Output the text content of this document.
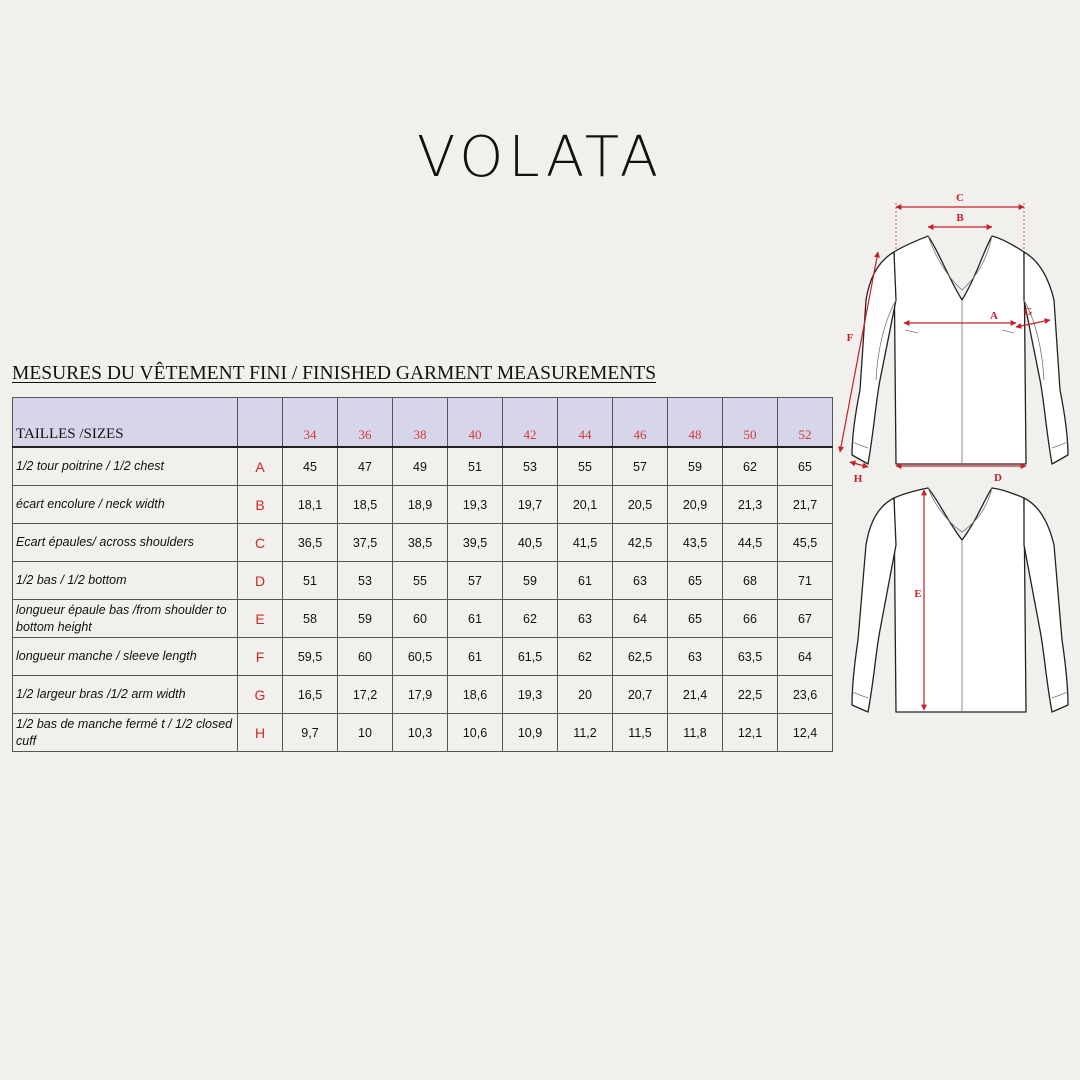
VOLATA

MESURES DU VÊTEMENT FINI / FINISHED GARMENT MEASUREMENTS

TAILLES /SIZES		34	36	38	40	42	44	46	48	50	52
1/2 tour poitrine / 1/2 chest	A	45	47	49	51	53	55	57	59	62	65
écart encolure / neck width	B	18,1	18,5	18,9	19,3	19,7	20,1	20,5	20,9	21,3	21,7
Ecart épaules/ across shoulders	C	36,5	37,5	38,5	39,5	40,5	41,5	42,5	43,5	44,5	45,5
1/2 bas / 1/2 bottom	D	51	53	55	57	59	61	63	65	68	71
longueur épaule bas /from shoulder to bottom height	E	58	59	60	61	62	63	64	65	66	67
longueur manche / sleeve length	F	59,5	60	60,5	61	61,5	62	62,5	63	63,5	64
1/2 largeur bras /1/2 arm width	G	16,5	17,2	17,9	18,6	19,3	20	20,7	21,4	22,5	23,6
1/2 bas de manche fermé t / 1/2 closed cuff	H	9,7	10	10,3	10,6	10,9	11,2	11,5	11,8	12,1	12,4
C
B
A G
F
H	D
E
